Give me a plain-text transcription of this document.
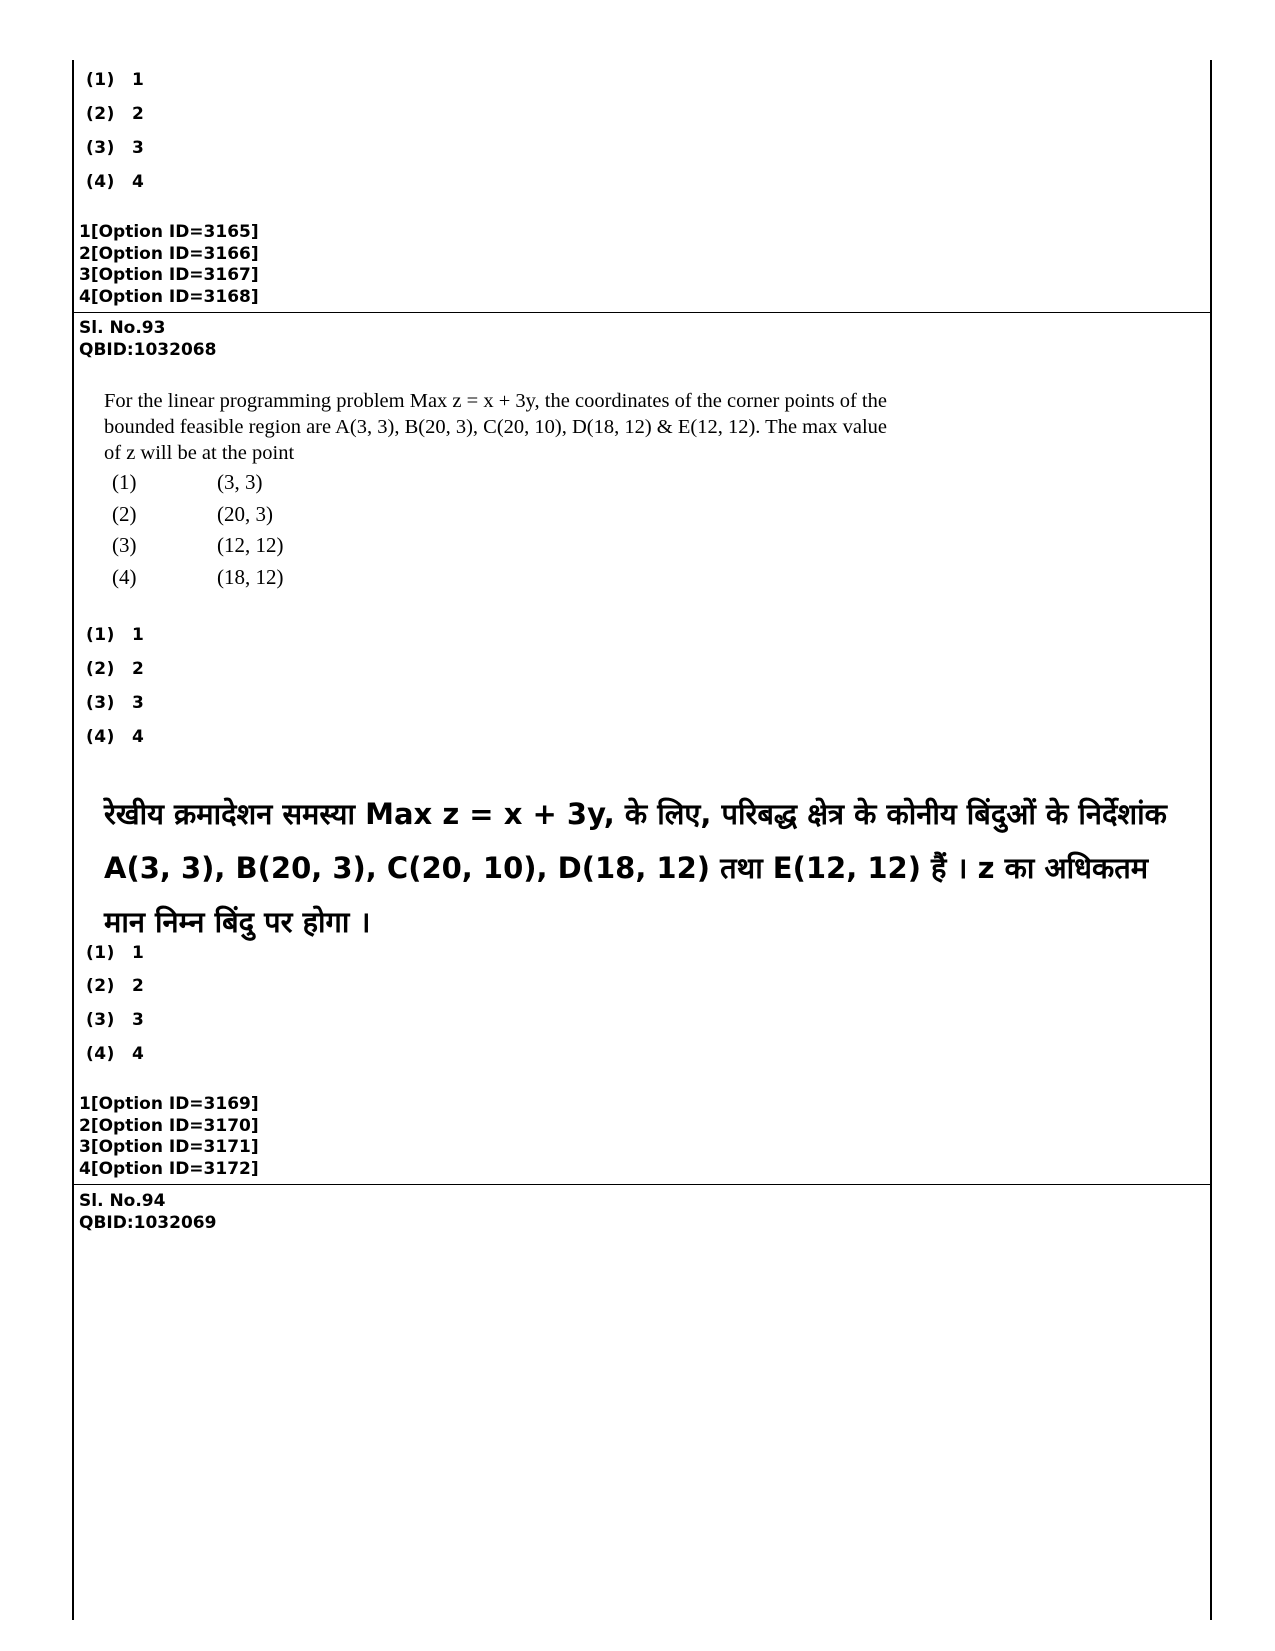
(1) 1
(2) 2
(3) 3
(4) 4
1[Option ID=3165]
2[Option ID=3166]
3[Option ID=3167]
4[Option ID=3168]
Sl. No.93
QBID:1032068
For the linear programming problem Max z = x + 3y, the coordinates of the corner points of the bounded feasible region are A(3, 3), B(20, 3), C(20, 10), D(18, 12) & E(12, 12). The max value of z will be at the point
(1)	(3, 3)
(2)	(20, 3)
(3)	(12, 12)
(4)	(18, 12)
(1) 1
(2) 2
(3) 3
(4) 4
रेखीय क्रमादेशन समस्या Max z = x + 3y, के लिए, परिबद्ध क्षेत्र के कोनीय बिंदुओं के निर्देशांक A(3, 3), B(20, 3), C(20, 10), D(18, 12) तथा E(12, 12) हैं । z का अधिकतम मान निम्न बिंदु पर होगा ।
(1) 1
(2) 2
(3) 3
(4) 4
1[Option ID=3169]
2[Option ID=3170]
3[Option ID=3171]
4[Option ID=3172]
Sl. No.94
QBID:1032069
